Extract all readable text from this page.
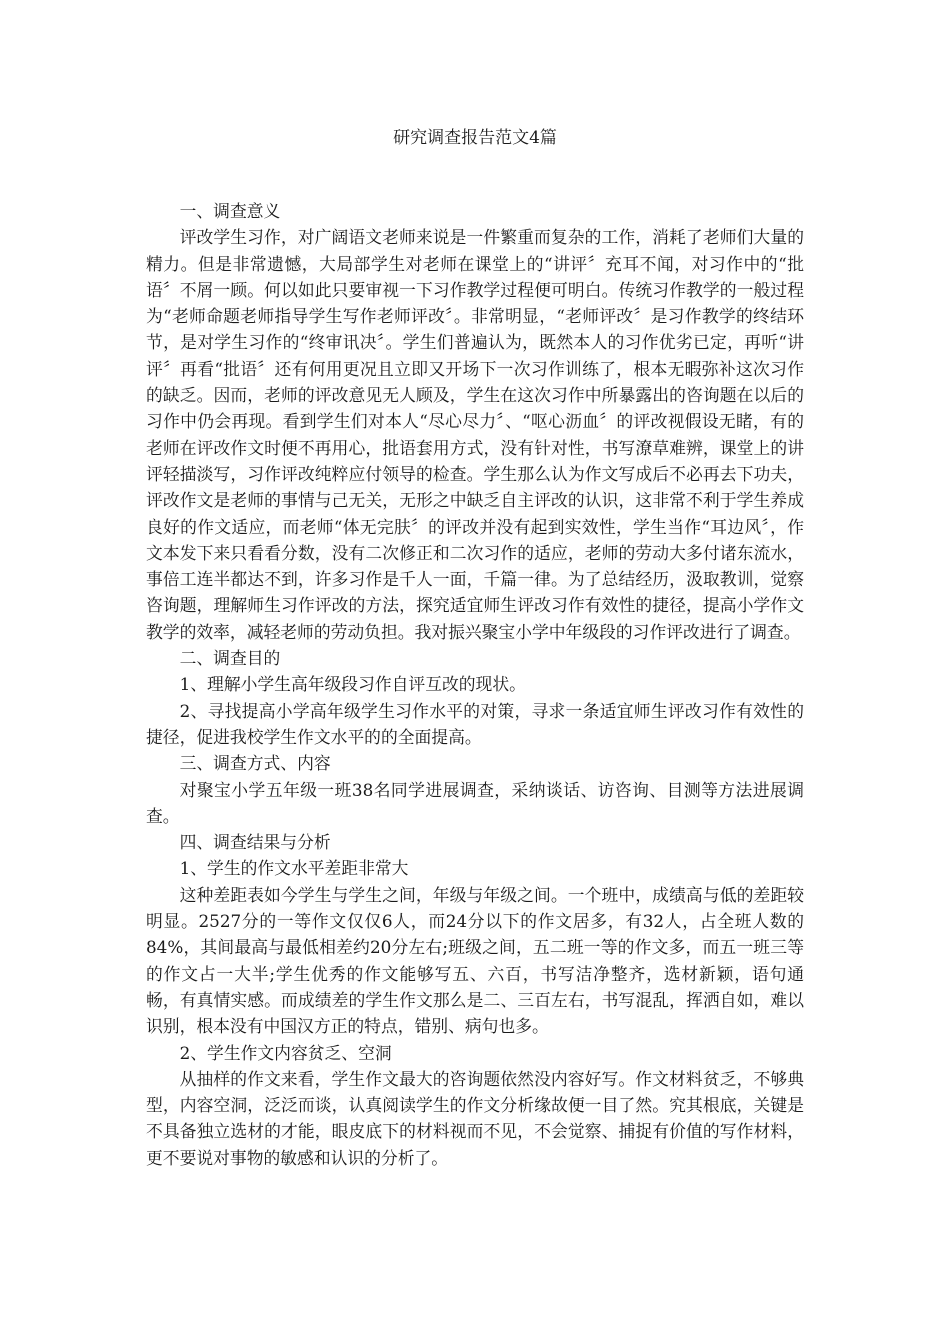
研究调查报告范文4篇

一、调查意义

评改学生习作，对广阔语文老师来说是一件繁重而复杂的工作，消耗了老师们大量的精力。但是非常遗憾，大局部学生对老师在课堂上的“讲评〞充耳不闻，对习作中的“批语〞不屑一顾。何以如此只要审视一下习作教学过程便可明白。传统习作教学的一般过程为“老师命题老师指导学生写作老师评改〞。非常明显，“老师评改〞是习作教学的终结环节，是对学生习作的“终审讯决〞。学生们普遍认为，既然本人的习作优劣已定，再听“讲评〞再看“批语〞还有何用更况且立即又开场下一次习作训练了，根本无暇弥补这次习作的缺乏。因而，老师的评改意见无人顾及，学生在这次习作中所暴露出的咨询题在以后的习作中仍会再现。看到学生们对本人“尽心尽力〞、“呕心沥血〞的评改视假设无睹，有的老师在评改作文时便不再用心，批语套用方式，没有针对性，书写潦草难辨，课堂上的讲评轻描淡写，习作评改纯粹应付领导的检查。学生那么认为作文写成后不必再去下功夫，评改作文是老师的事情与己无关，无形之中缺乏自主评改的认识，这非常不利于学生养成良好的作文适应，而老师“体无完肤〞的评改并没有起到实效性，学生当作“耳边风〞，作文本发下来只看看分数，没有二次修正和二次习作的适应，老师的劳动大多付诸东流水，事倍工连半都达不到，许多习作是千人一面，千篇一律。为了总结经历，汲取教训，觉察咨询题，理解师生习作评改的方法，探究适宜师生评改习作有效性的捷径，提高小学作文教学的效率，减轻老师的劳动负担。我对振兴聚宝小学中年级段的习作评改进行了调查。

二、调查目的

1、理解小学生高年级段习作自评互改的现状。

2、寻找提高小学高年级学生习作水平的对策，寻求一条适宜师生评改习作有效性的捷径，促进我校学生作文水平的的全面提高。

三、调查方式、内容

对聚宝小学五年级一班38名同学进展调查，采纳谈话、访咨询、目测等方法进展调查。

四、调查结果与分析

1、学生的作文水平差距非常大

这种差距表如今学生与学生之间，年级与年级之间。一个班中，成绩高与低的差距较明显。2527分的一等作文仅仅6人，而24分以下的作文居多，有32人，占全班人数的84%，其间最高与最低相差约20分左右;班级之间，五二班一等的作文多，而五一班三等的作文占一大半;学生优秀的作文能够写五、六百，书写洁净整齐，选材新颖，语句通畅，有真情实感。而成绩差的学生作文那么是二、三百左右，书写混乱，挥洒自如，难以识别，根本没有中国汉方正的特点，错别、病句也多。

2、学生作文内容贫乏、空洞

从抽样的作文来看，学生作文最大的咨询题依然没内容好写。作文材料贫乏，不够典型，内容空洞，泛泛而谈，认真阅读学生的作文分析缘故便一目了然。究其根底，关键是不具备独立选材的才能，眼皮底下的材料视而不见，不会觉察、捕捉有价值的写作材料，更不要说对事物的敏感和认识的分析了。
